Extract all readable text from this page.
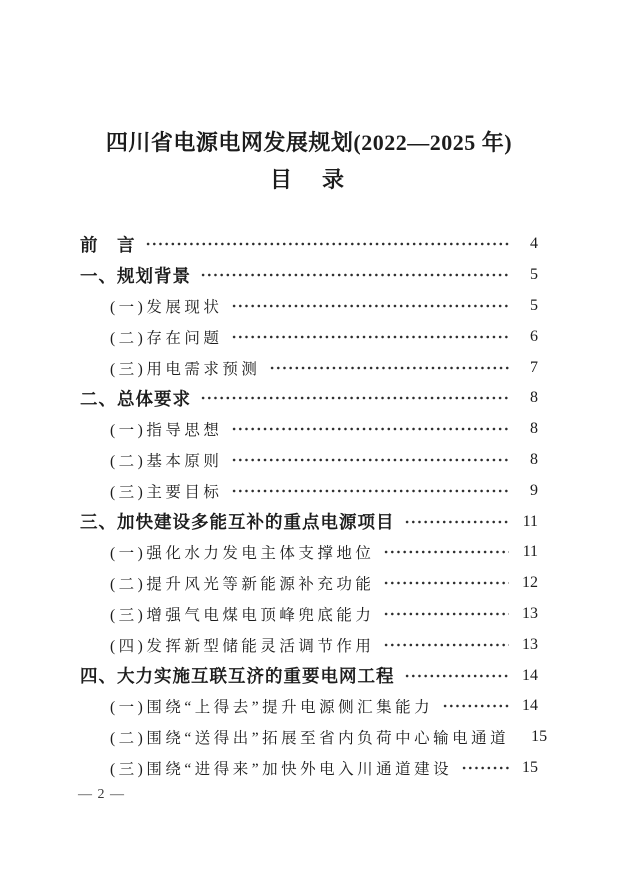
四川省电源电网发展规划(2022—2025 年)
目　录
前　言	4
一、规划背景	5
(一)发展现状	5
(二)存在问题	6
(三)用电需求预测	7
二、总体要求	8
(一)指导思想	8
(二)基本原则	8
(三)主要目标	9
三、加快建设多能互补的重点电源项目	11
(一)强化水力发电主体支撑地位	11
(二)提升风光等新能源补充功能	12
(三)增强气电煤电顶峰兜底能力	13
(四)发挥新型储能灵活调节作用	13
四、大力实施互联互济的重要电网工程	14
(一)围绕“上得去”提升电源侧汇集能力	14
(二)围绕“送得出”拓展至省内负荷中心输电通道	15
(三)围绕“进得来”加快外电入川通道建设	15
— 2 —
